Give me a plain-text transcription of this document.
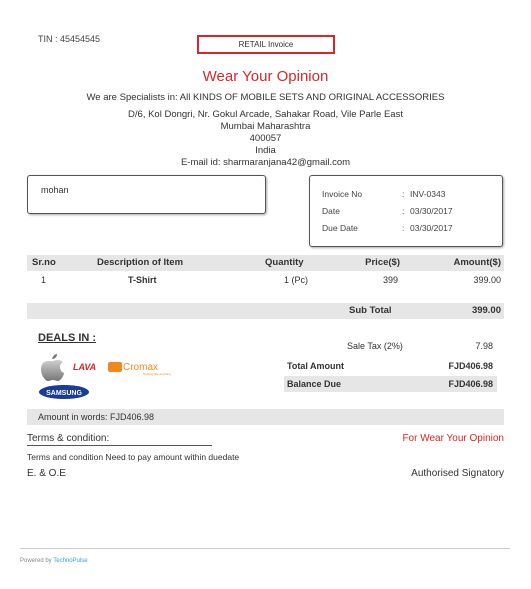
TIN : 45454545
RETAIL Invoice
Wear Your Opinion
We are Specialists in: All KINDS OF MOBILE SETS AND ORIGINAL ACCESSORIES
D/6, Kol Dongri, Nr. Gokul Arcade, Sahakar Road, Vile Parle East
Mumbai Maharashtra
400057
India
E-mail id: sharmaranjana42@gmail.com
mohan	Invoice No	: INV-0343
Date	: 03/30/2017
Due Date	: 03/30/2017
Sr.no	Description of Item	Quantity	Price($)	Amount($)
1	T-Shirt	1 (Pc)	399	399.00
Sub Total	399.00
DEALS IN :
LAVA	Cromax
Nothing like anything
SAMSUNG
Sale Tax (2%)	7.98
Total Amount	FJD406.98
Balance Due	FJD406.98
Amount in words: FJD406.98
Terms & condition:	For Wear Your Opinion
Terms and condition Need to pay amount within duedate
E. & O.E	Authorised Signatory
Powered by TechnoPulse
